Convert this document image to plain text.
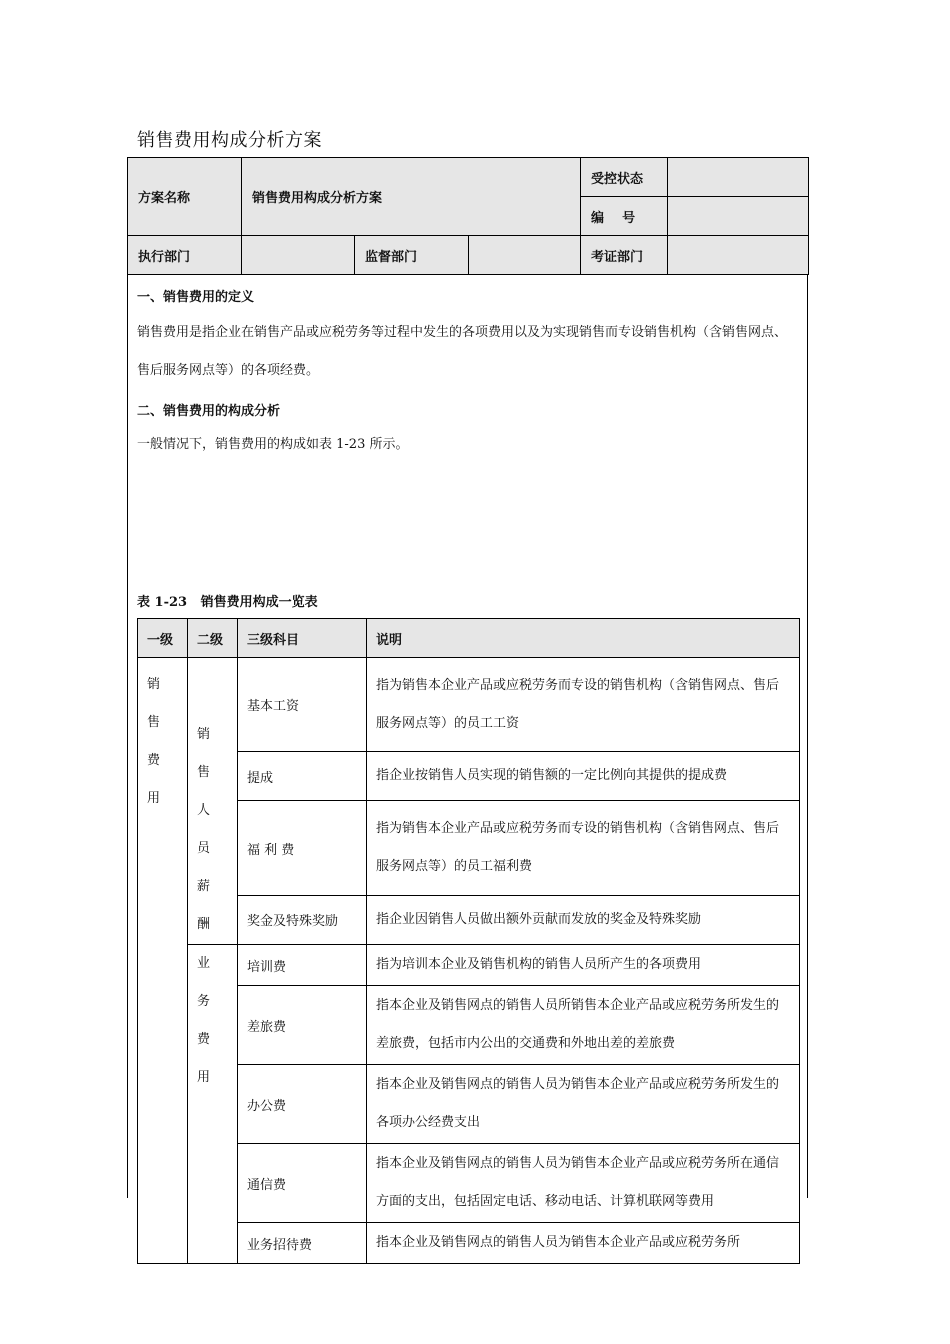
销售费用构成分析方案
方案名称	销售费用构成分析方案			受控状态	
				编    号	
执行部门		监督部门		考证部门	
一、销售费用的定义
销售费用是指企业在销售产品或应税劳务等过程中发生的各项费用以及为实现销售而专设销售机构（含销售网点、售后服务网点等）的各项经费。
二、销售费用的构成分析
一般情况下，销售费用的构成如表 1-23 所示。
表 1-23   销售费用构成一览表
一级	二级	三级科目	说明
销售费用	销售人员薪酬	基本工资	指为销售本企业产品或应税劳务而专设的销售机构（含销售网点、售后服务网点等）的员工工资
		提成	指企业按销售人员实现的销售额的一定比例向其提供的提成费
		福 利 费	指为销售本企业产品或应税劳务而专设的销售机构（含销售网点、售后服务网点等）的员工福利费
		奖金及特殊奖励	指企业因销售人员做出额外贡献而发放的奖金及特殊奖励
	业务费用	培训费	指为培训本企业及销售机构的销售人员所产生的各项费用
		差旅费	指本企业及销售网点的销售人员所销售本企业产品或应税劳务所发生的差旅费，包括市内公出的交通费和外地出差的差旅费
		办公费	指本企业及销售网点的销售人员为销售本企业产品或应税劳务所发生的各项办公经费支出
		通信费	指本企业及销售网点的销售人员为销售本企业产品或应税劳务所在通信方面的支出，包括固定电话、移动电话、计算机联网等费用
		业务招待费	指本企业及销售网点的销售人员为销售本企业产品或应税劳务所
